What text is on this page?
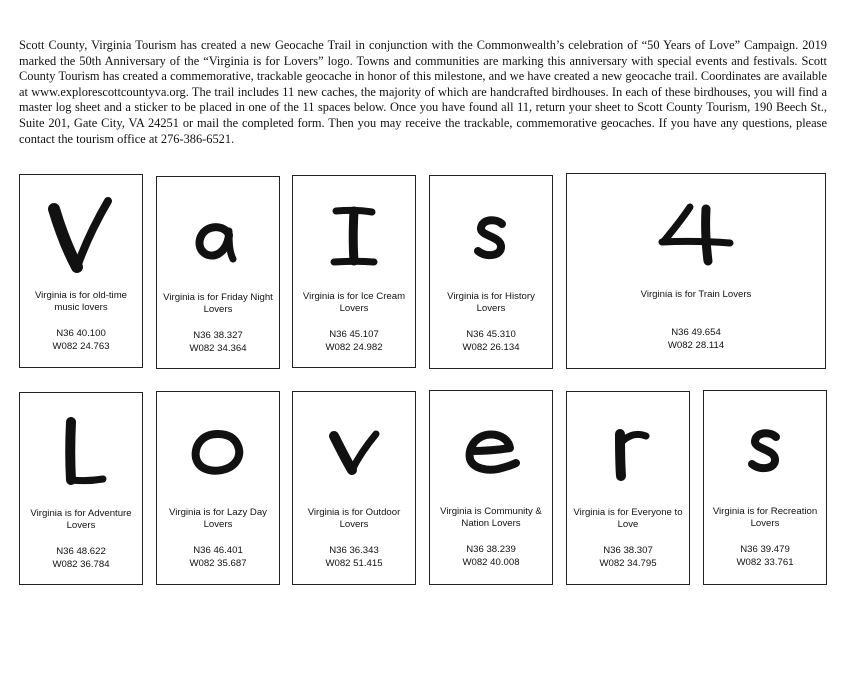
Scott County, Virginia Tourism has created a new Geocache Trail in conjunction with the Commonwealth’s celebration of “50 Years of Love” Campaign. 2019 marked the 50th Anniversary of the “Virginia is for Lovers” logo. Towns and communities are marking this anniversary with special events and festivals. Scott County Tourism has created a commemorative, trackable geocache in honor of this milestone, and we have created a new geocache trail. Coordinates are available at www.explorescottcountyva.org. The trail includes 11 new caches, the majority of which are handcrafted birdhouses. In each of these birdhouses, you will find a master log sheet and a sticker to be placed in one of the 11 spaces below. Once you have found all 11, return your sheet to Scott County Tourism, 190 Beech St., Suite 201, Gate City, VA 24251 or mail the completed form. Then you may receive the trackable, commemorative geocaches. If you have any questions, please contact the tourism office at 276-386-6521.

Virginia is for old-time music lovers
N36 40.100
W082 24.763
Virginia is for Friday Night Lovers
N36 38.327
W082 34.364
Virginia is for Ice Cream Lovers
N36 45.107
W082 24.982
Virginia is for History Lovers
N36 45.310
W082 26.134
Virginia is for Train Lovers
N36 49.654
W082 28.114
Virginia is for Adventure Lovers
N36 48.622
W082 36.784
Virginia is for Lazy Day Lovers
N36 46.401
W082 35.687
Virginia is for Outdoor Lovers
N36 36.343
W082 51.415
Virginia is Community & Nation Lovers
N36 38.239
W082 40.008
Virginia is for Everyone to Love
N36 38.307
W082 34.795
Virginia is for Recreation Lovers
N36 39.479
W082 33.761
